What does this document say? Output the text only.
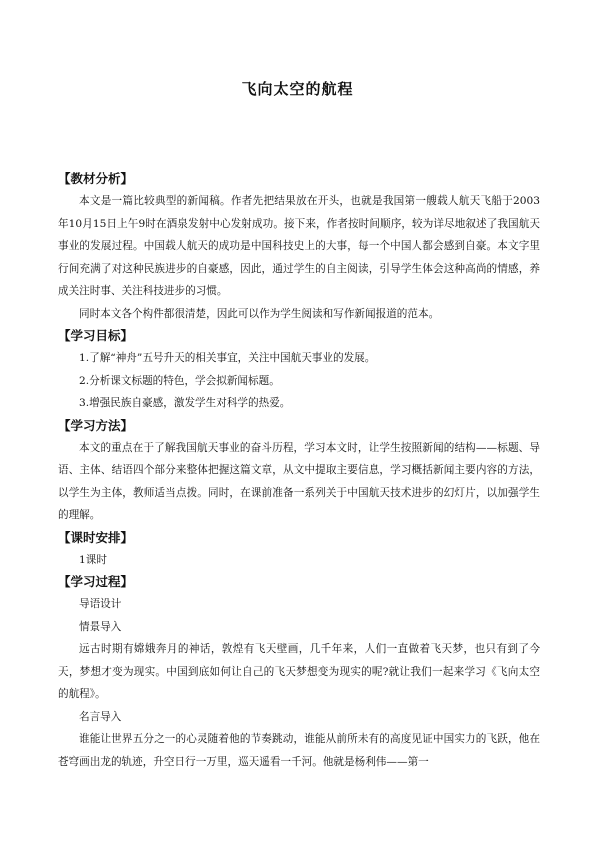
飞向太空的航程

【教材分析】

本文是一篇比较典型的新闻稿。作者先把结果放在开头，也就是我国第一艘载人航天飞船于2003年10月15日上午9时在酒泉发射中心发射成功。接下来，作者按时间顺序，较为详尽地叙述了我国航天事业的发展过程。中国载人航天的成功是中国科技史上的大事，每一个中国人都会感到自豪。本文字里行间充满了对这种民族进步的自豪感，因此，通过学生的自主阅读，引导学生体会这种高尚的情感，养成关注时事、关注科技进步的习惯。

同时本文各个构件都很清楚，因此可以作为学生阅读和写作新闻报道的范本。

【学习目标】

1.了解“神舟”五号升天的相关事宜，关注中国航天事业的发展。

2.分析课文标题的特色，学会拟新闻标题。

3.增强民族自豪感，激发学生对科学的热爱。

【学习方法】

本文的重点在于了解我国航天事业的奋斗历程，学习本文时，让学生按照新闻的结构——标题、导语、主体、结语四个部分来整体把握这篇文章，从文中提取主要信息，学习概括新闻主要内容的方法，以学生为主体，教师适当点拨。同时，在课前准备一系列关于中国航天技术进步的幻灯片，以加强学生的理解。

【课时安排】

1课时

【学习过程】

导语设计

情景导入

远古时期有嫦娥奔月的神话，敦煌有飞天壁画，几千年来，人们一直做着飞天梦，也只有到了今天，梦想才变为现实。中国到底如何让自己的飞天梦想变为现实的呢?就让我们一起来学习《飞向太空的航程》。

名言导入

谁能让世界五分之一的心灵随着他的节奏跳动，谁能从前所未有的高度见证中国实力的飞跃，他在苍穹画出龙的轨迹，升空日行一万里，巡天遥看一千河。他就是杨利伟——第一
